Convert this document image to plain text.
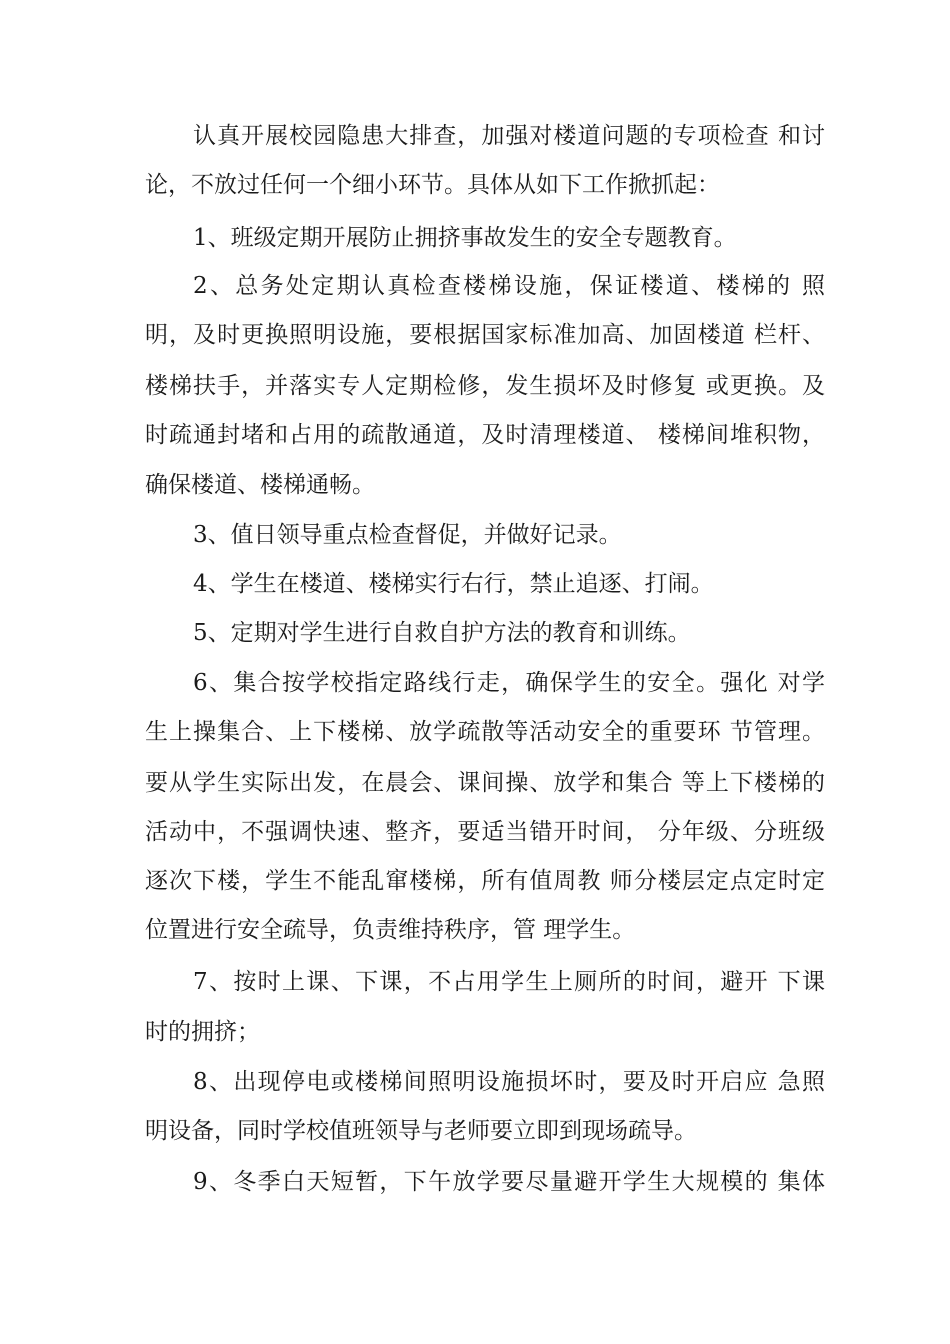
认真开展校园隐患大排查，加强对楼道问题的专项检查 和讨
论，不放过任何一个细小环节。具体从如下工作掀抓起：
1、班级定期开展防止拥挤事故发生的安全专题教育。
2、总务处定期认真检查楼梯设施，保证楼道、楼梯的 照
明，及时更换照明设施，要根据国家标准加高、加固楼道 栏杆、
楼梯扶手，并落实专人定期检修，发生损坏及时修复 或更换。及
时疏通封堵和占用的疏散通道，及时清理楼道、 楼梯间堆积物，
确保楼道、楼梯通畅。
3、值日领导重点检查督促，并做好记录。
4、学生在楼道、楼梯实行右行，禁止追逐、打闹。
5、定期对学生进行自救自护方法的教育和训练。
6、集合按学校指定路线行走，确保学生的安全。强化 对学
生上操集合、上下楼梯、放学疏散等活动安全的重要环 节管理。
要从学生实际出发，在晨会、课间操、放学和集合 等上下楼梯的
活动中，不强调快速、整齐，要适当错开时间， 分年级、分班级
逐次下楼，学生不能乱窜楼梯，所有值周教 师分楼层定点定时定
位置进行安全疏导，负责维持秩序，管 理学生。
7、按时上课、下课，不占用学生上厕所的时间，避开 下课
时的拥挤；
8、出现停电或楼梯间照明设施损坏时，要及时开启应 急照
明设备，同时学校值班领导与老师要立即到现场疏导。
9、冬季白天短暂，下午放学要尽量避开学生大规模的 集体
